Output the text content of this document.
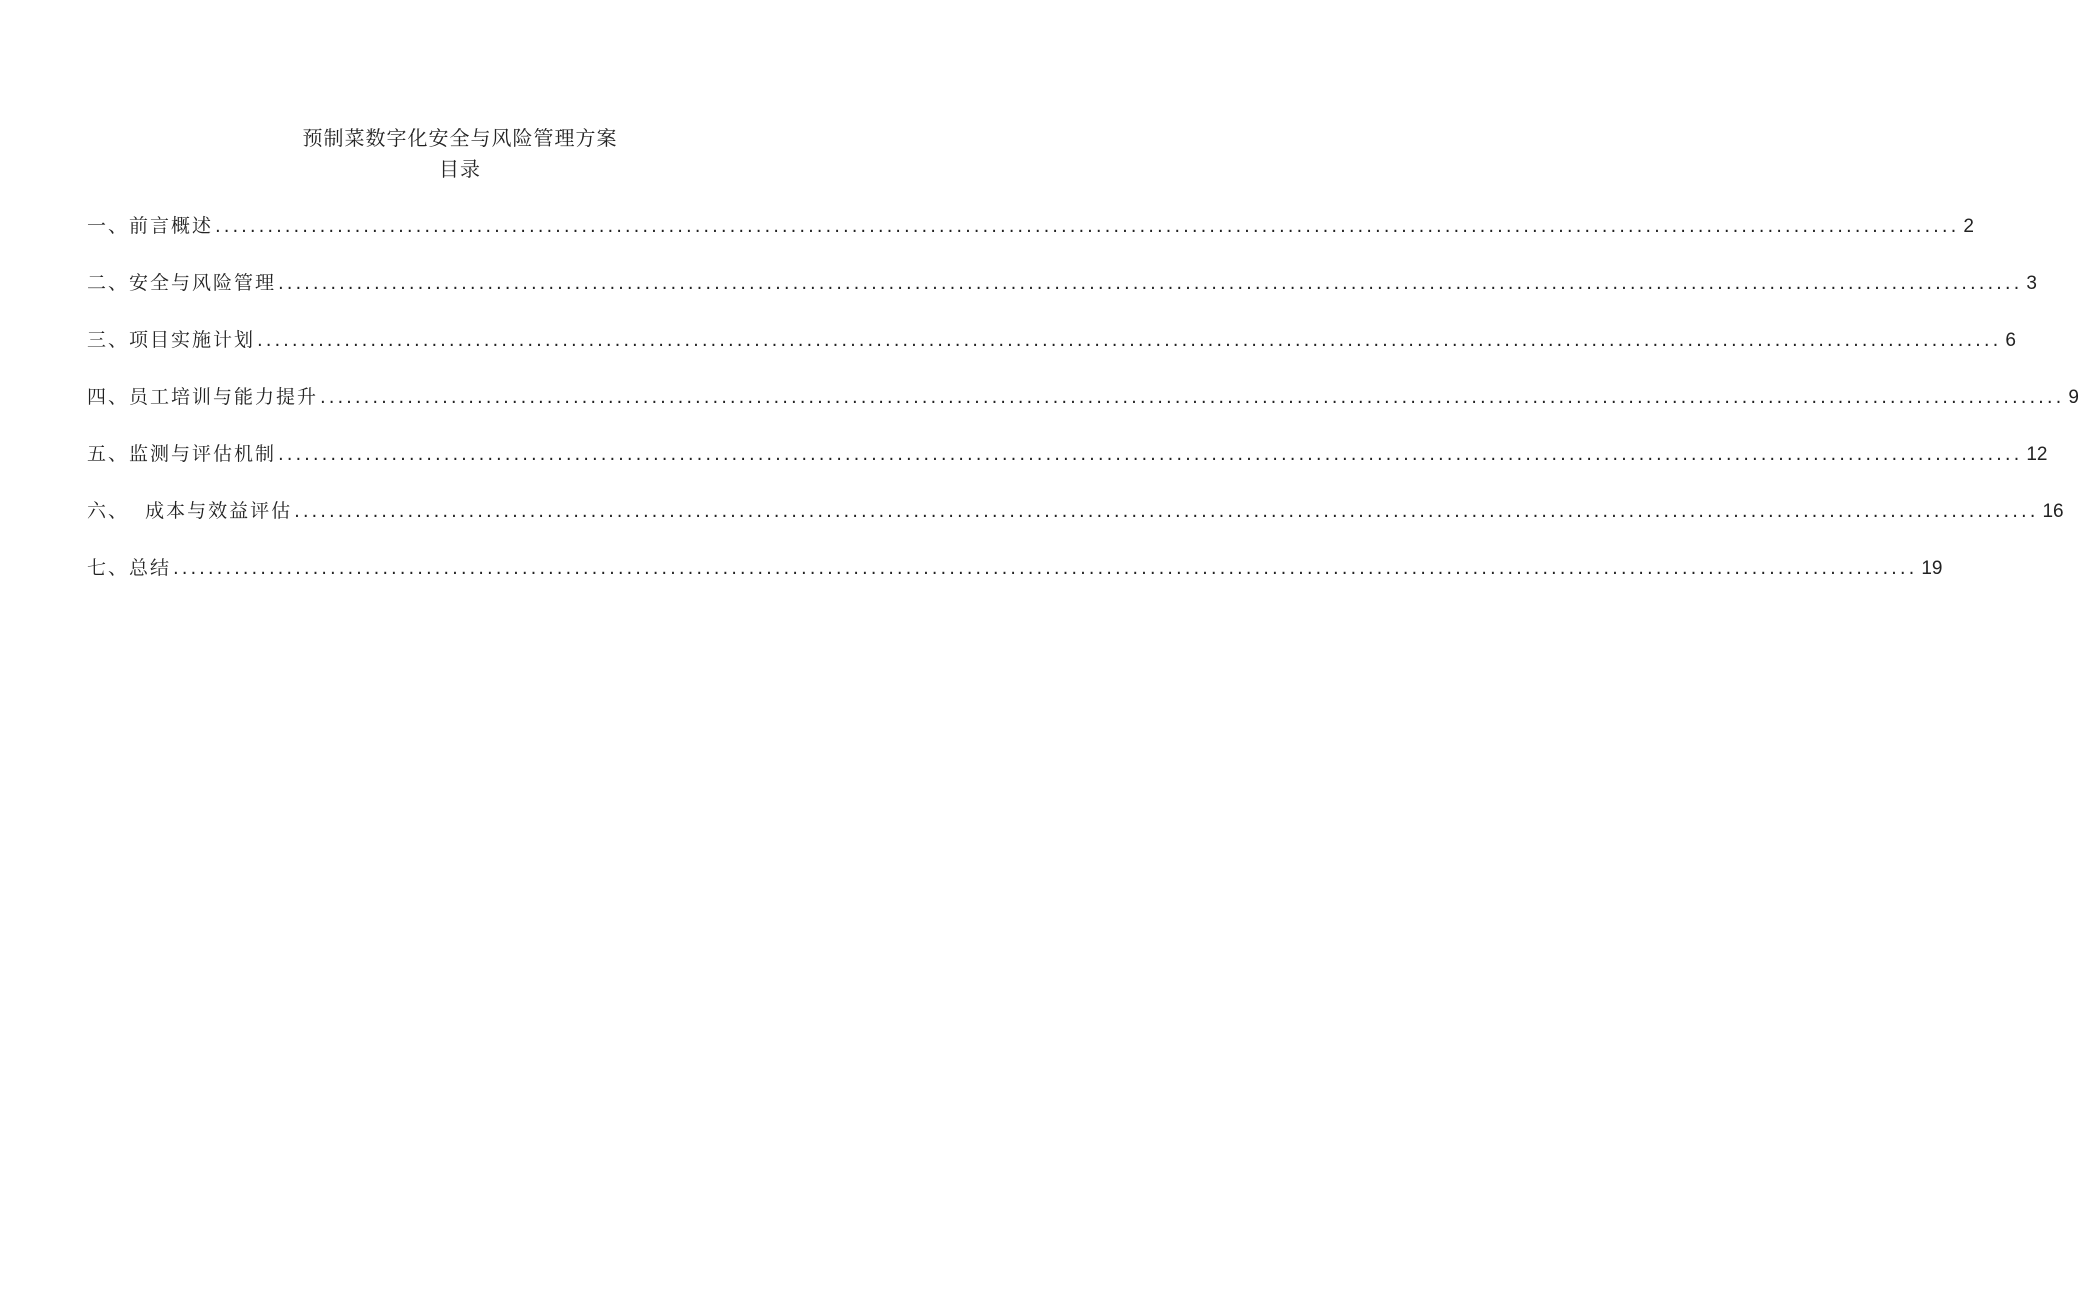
预制菜数字化安全与风险管理方案
目录
一、前言概述 ........................................................................................................................................................................................................ 2
二、安全与风险管理 ........................................................................................................................................................................................................ 3
三、项目实施计划 ........................................................................................................................................................................................................ 6
四、员工培训与能力提升 ........................................................................................................................................................................................................ 9
五、监测与评估机制 ........................................................................................................................................................................................................ 12
六、  成本与效益评估 ........................................................................................................................................................................................................ 16
七、总结 ........................................................................................................................................................................................................ 19
